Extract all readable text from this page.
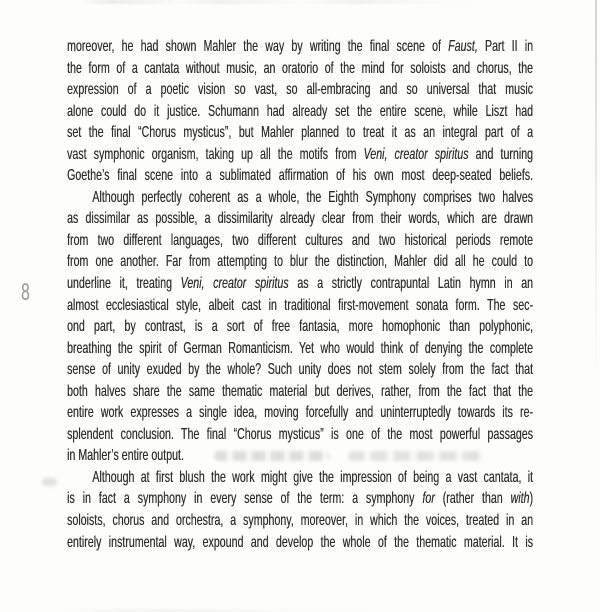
8
moreover, he had shown Mahler the way by writing the final scene of Faust, Part II in
the form of a cantata without music, an oratorio of the mind for soloists and chorus, the
expression of a poetic vision so vast, so all-embracing and so universal that music
alone could do it justice. Schumann had already set the entire scene, while Liszt had
set the final “Chorus mysticus”, but Mahler planned to treat it as an integral part of a
vast symphonic organism, taking up all the motifs from Veni, creator spiritus and turning
Goethe’s final scene into a sublimated affirmation of his own most deep-seated beliefs.
Although perfectly coherent as a whole, the Eighth Symphony comprises two halves
as dissimilar as possible, a dissimilarity already clear from their words, which are drawn
from two different languages, two different cultures and two historical periods remote
from one another. Far from attempting to blur the distinction, Mahler did all he could to
underline it, treating Veni, creator spiritus as a strictly contrapuntal Latin hymn in an
almost ecclesiastical style, albeit cast in traditional first-movement sonata form. The sec-
ond part, by contrast, is a sort of free fantasia, more homophonic than polyphonic,
breathing the spirit of German Romanticism. Yet who would think of denying the complete
sense of unity exuded by the whole? Such unity does not stem solely from the fact that
both halves share the same thematic material but derives, rather, from the fact that the
entire work expresses a single idea, moving forcefully and uninterruptedly towards its re-
splendent conclusion. The final “Chorus mysticus” is one of the most powerful passages
in Mahler’s entire output.
Although at first blush the work might give the impression of being a vast cantata, it
is in fact a symphony in every sense of the term: a symphony for (rather than with)
soloists, chorus and orchestra, a symphony, moreover, in which the voices, treated in an
entirely instrumental way, expound and develop the whole of the thematic material. It is
